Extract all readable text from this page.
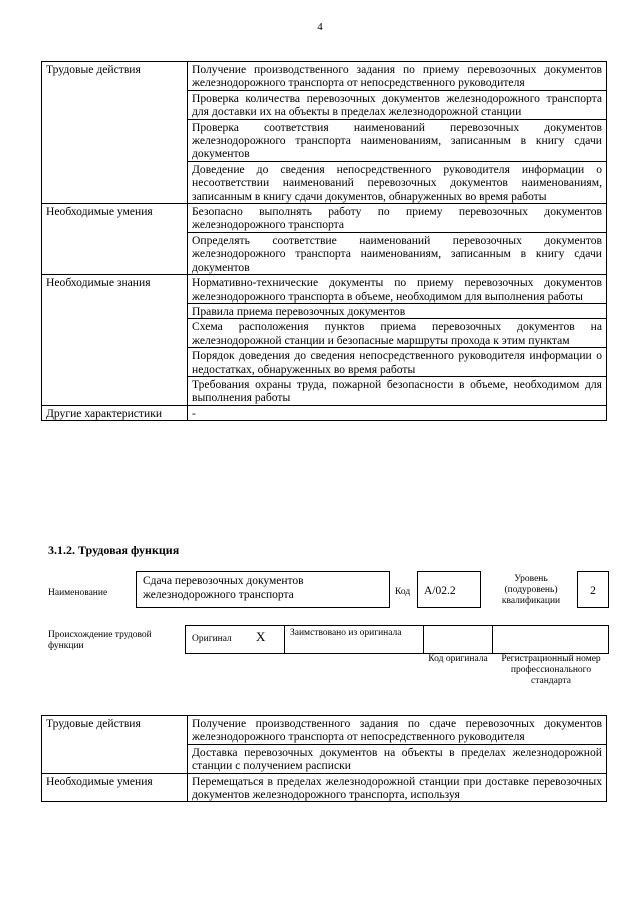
4
Трудовые действия	Получение производственного задания по приему перевозочных документов железнодорожного транспорта от непосредственного руководителя
	Проверка количества перевозочных документов железнодорожного транспорта для доставки их на объекты в пределах железнодорожной станции
	Проверка соответствия наименований перевозочных документов железнодорожного транспорта наименованиям, записанным в книгу сдачи документов
	Доведение до сведения непосредственного руководителя информации о несоответствии наименований перевозочных документов наименованиям, записанным в книгу сдачи документов, обнаруженных во время работы
Необходимые умения	Безопасно выполнять работу по приему перевозочных документов железнодорожного транспорта
	Определять соответствие наименований перевозочных документов железнодорожного транспорта наименованиям, записанным в книгу сдачи документов
Необходимые знания	Нормативно-технические документы по приему перевозочных документов железнодорожного транспорта в объеме, необходимом для выполнения работы
	Правила приема перевозочных документов
	Схема расположения пунктов приема перевозочных документов на железнодорожной станции и безопасные маршруты прохода к этим пунктам
	Порядок доведения до сведения непосредственного руководителя информации о недостатках, обнаруженных во время работы
	Требования охраны труда, пожарной безопасности в объеме, необходимом для выполнения работы
Другие характеристики	-
3.1.2. Трудовая функция
Наименование
Сдача перевозочных документов железнодорожного транспорта	Код А/02.2
Уровень (подуровень) квалификации
2
Происхождение трудовой функции
Оригинал X	Заимствовано из оригинала
Код оригинала	Регистрационный номер профессионального стандарта
Трудовые действия	Получение производственного задания по сдаче перевозочных документов железнодорожного транспорта от непосредственного руководителя
	Доставка перевозочных документов на объекты в пределах железнодорожной станции с получением расписки
Необходимые умения	Перемещаться в пределах железнодорожной станции при доставке перевозочных документов железнодорожного транспорта, используя
